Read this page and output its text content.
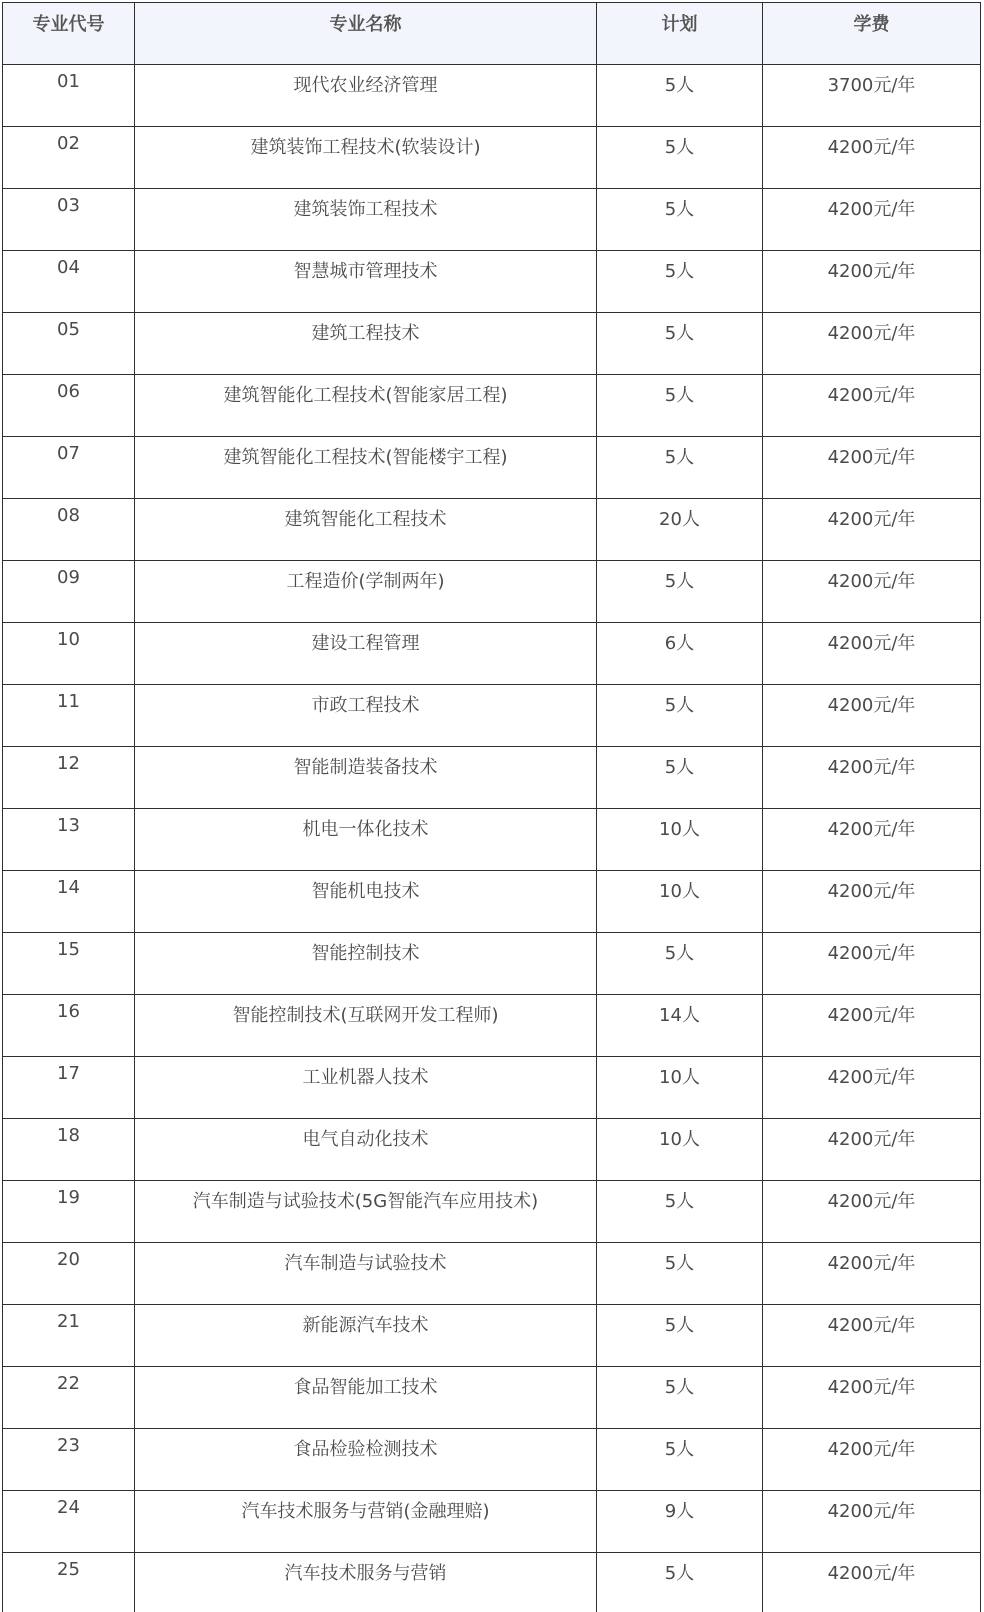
专业代号	专业名称	计划	学费
01	现代农业经济管理	5人	3700元/年
02	建筑装饰工程技术(软装设计)	5人	4200元/年
03	建筑装饰工程技术	5人	4200元/年
04	智慧城市管理技术	5人	4200元/年
05	建筑工程技术	5人	4200元/年
06	建筑智能化工程技术(智能家居工程)	5人	4200元/年
07	建筑智能化工程技术(智能楼宇工程)	5人	4200元/年
08	建筑智能化工程技术	20人	4200元/年
09	工程造价(学制两年)	5人	4200元/年
10	建设工程管理	6人	4200元/年
11	市政工程技术	5人	4200元/年
12	智能制造装备技术	5人	4200元/年
13	机电一体化技术	10人	4200元/年
14	智能机电技术	10人	4200元/年
15	智能控制技术	5人	4200元/年
16	智能控制技术(互联网开发工程师)	14人	4200元/年
17	工业机器人技术	10人	4200元/年
18	电气自动化技术	10人	4200元/年
19	汽车制造与试验技术(5G智能汽车应用技术)	5人	4200元/年
20	汽车制造与试验技术	5人	4200元/年
21	新能源汽车技术	5人	4200元/年
22	食品智能加工技术	5人	4200元/年
23	食品检验检测技术	5人	4200元/年
24	汽车技术服务与营销(金融理赔)	9人	4200元/年
25	汽车技术服务与营销	5人	4200元/年
